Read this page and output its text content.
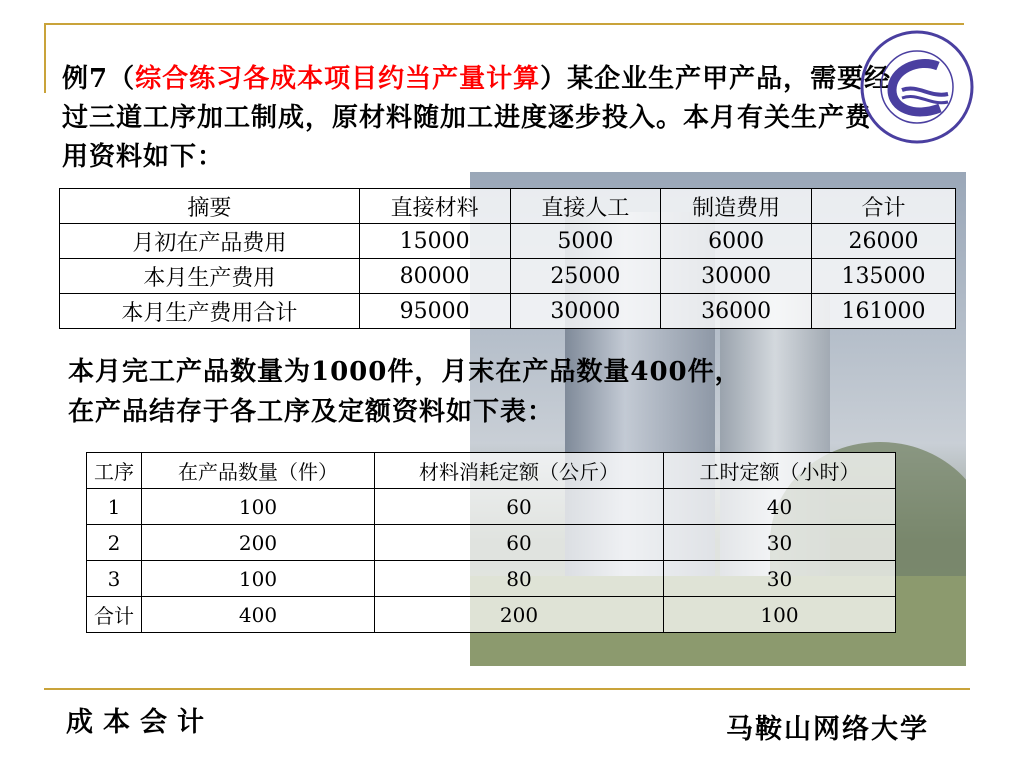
例7（综合练习各成本项目约当产量计算）某企业生产甲产品，需要经过三道工序加工制成，原材料随加工进度逐步投入。本月有关生产费用资料如下：
摘要	直接材料	直接人工	制造费用	合计
月初在产品费用	15000	5000	6000	26000
本月生产费用	80000	25000	30000	135000
本月生产费用合计	95000	30000	36000	161000
本月完工产品数量为1000件，月末在产品数量400件，
在产品结存于各工序及定额资料如下表：
工序	在产品数量（件）	材料消耗定额（公斤）	工时定额（小时）
1	100	60	40
2	200	60	30
3	100	80	30
合计	400	200	100
成本会计	马鞍山网络大学
